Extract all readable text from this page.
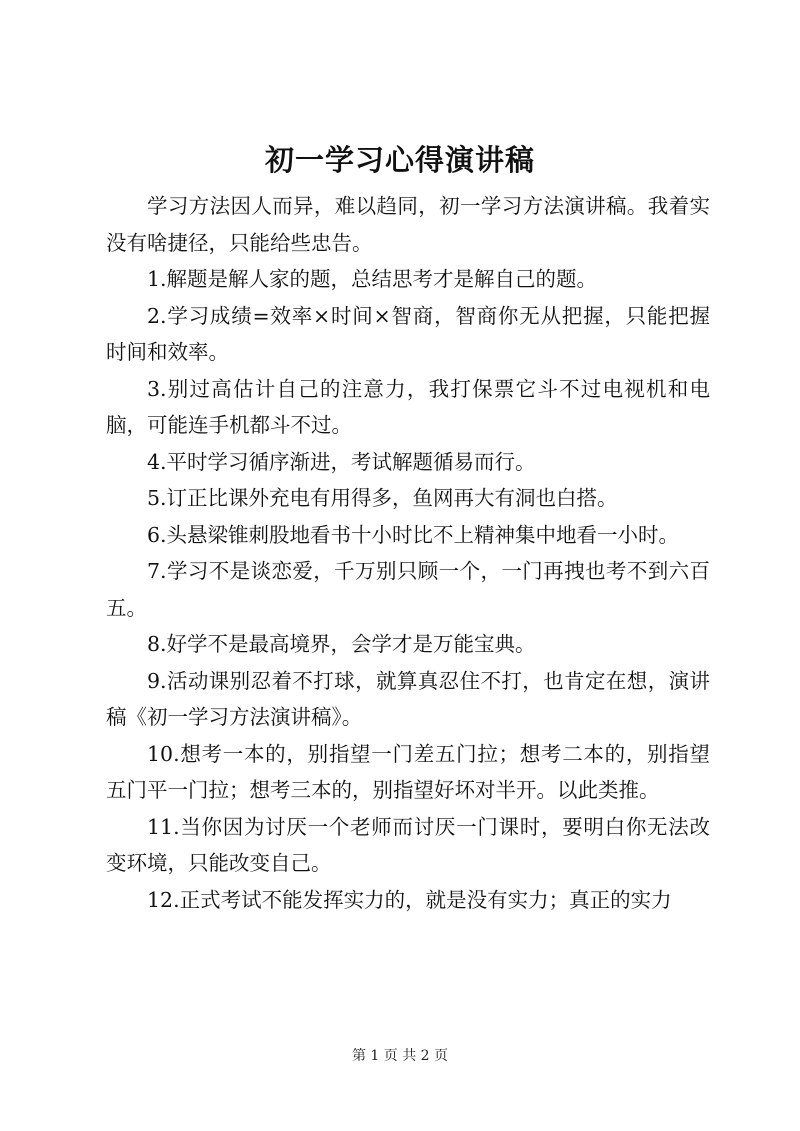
初一学习心得演讲稿

学习方法因人而异，难以趋同，初一学习方法演讲稿。我着实没有啥捷径，只能给些忠告。

1.解题是解人家的题，总结思考才是解自己的题。

2.学习成绩=效率×时间×智商，智商你无从把握，只能把握时间和效率。

3.别过高估计自己的注意力，我打保票它斗不过电视机和电脑，可能连手机都斗不过。

4.平时学习循序渐进，考试解题循易而行。

5.订正比课外充电有用得多，鱼网再大有洞也白搭。

6.头悬梁锥刺股地看书十小时比不上精神集中地看一小时。

7.学习不是谈恋爱，千万别只顾一个，一门再拽也考不到六百五。

8.好学不是最高境界，会学才是万能宝典。

9.活动课别忍着不打球，就算真忍住不打，也肯定在想，演讲稿《初一学习方法演讲稿》。

10.想考一本的，别指望一门差五门拉；想考二本的，别指望五门平一门拉；想考三本的，别指望好坏对半开。以此类推。

11.当你因为讨厌一个老师而讨厌一门课时，要明白你无法改变环境，只能改变自己。

12.正式考试不能发挥实力的，就是没有实力；真正的实力

第 1 页 共 2 页
